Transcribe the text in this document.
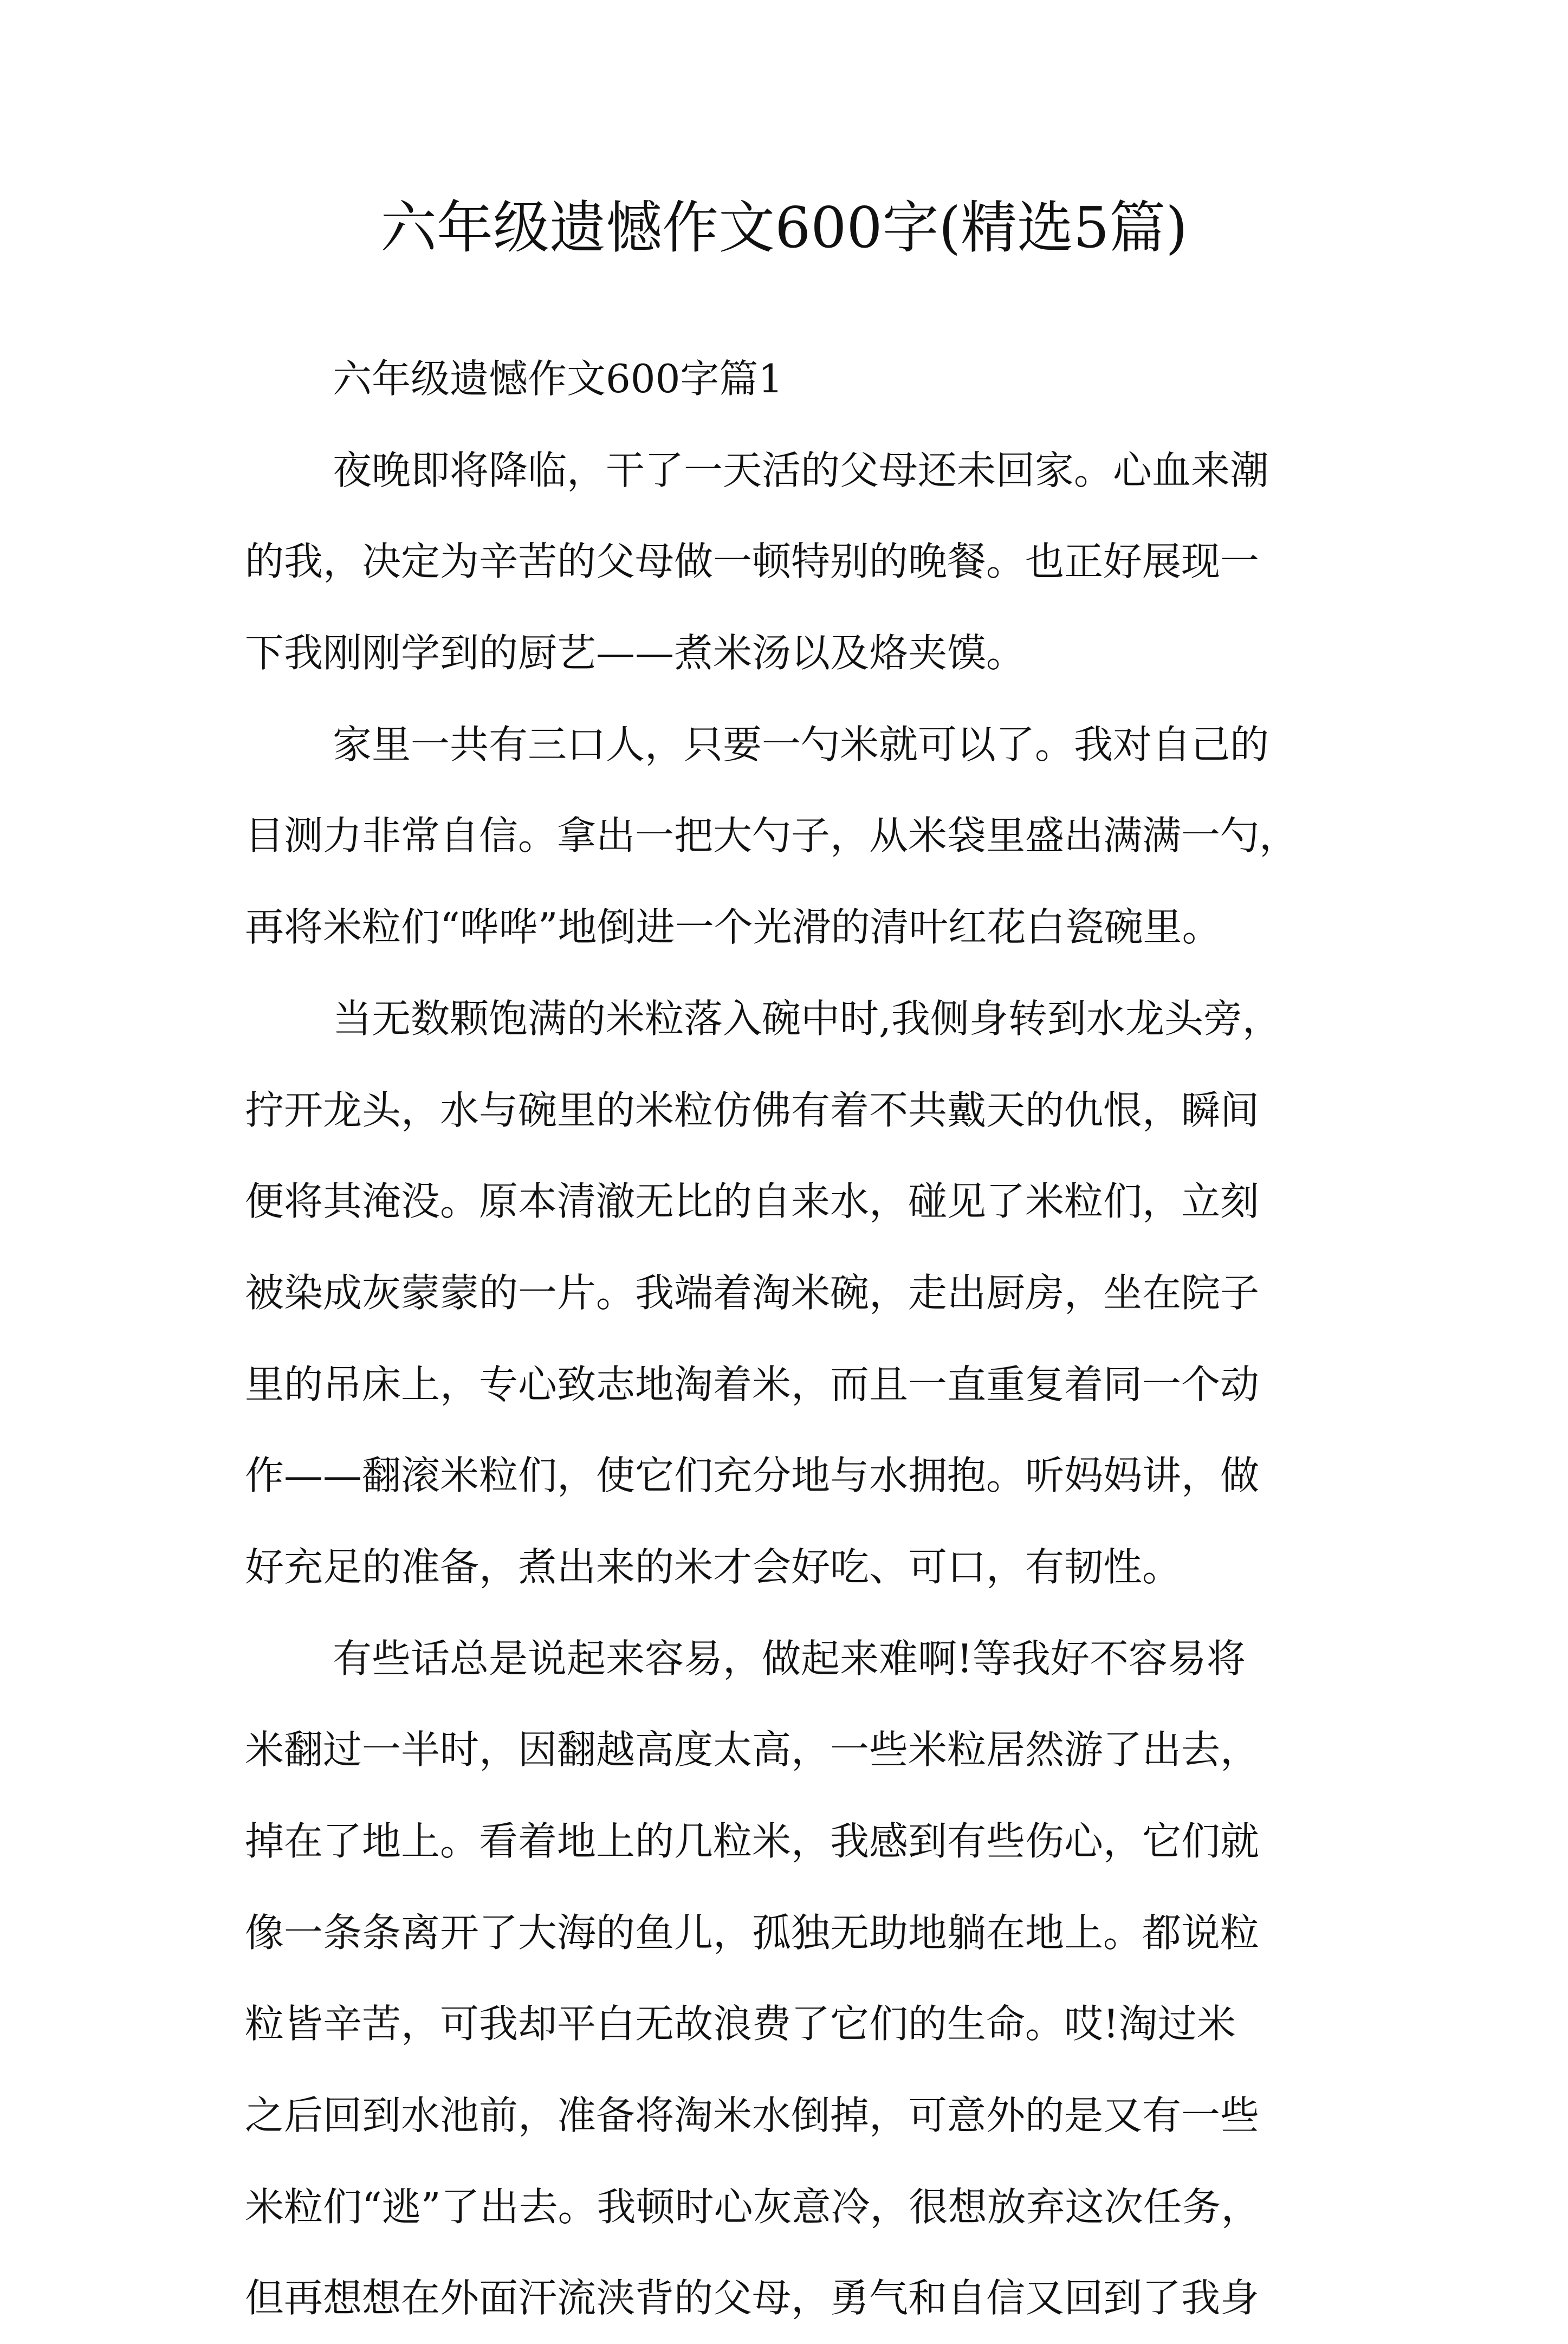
六年级遗憾作文600字(精选5篇)
六年级遗憾作文600字篇1
夜晚即将降临，干了一天活的父母还未回家。心血来潮
的我，决定为辛苦的父母做一顿特别的晚餐。也正好展现一
下我刚刚学到的厨艺——煮米汤以及烙夹馍。
家里一共有三口人，只要一勺米就可以了。我对自己的
目测力非常自信。拿出一把大勺子，从米袋里盛出满满一勺，
再将米粒们“哗哗”地倒进一个光滑的清叶红花白瓷碗里。
当无数颗饱满的米粒落入碗中时,我侧身转到水龙头旁，
拧开龙头，水与碗里的米粒仿佛有着不共戴天的仇恨，瞬间
便将其淹没。原本清澈无比的自来水，碰见了米粒们，立刻
被染成灰蒙蒙的一片。我端着淘米碗，走出厨房，坐在院子
里的吊床上，专心致志地淘着米，而且一直重复着同一个动
作——翻滚米粒们，使它们充分地与水拥抱。听妈妈讲，做
好充足的准备，煮出来的米才会好吃、可口，有韧性。
有些话总是说起来容易，做起来难啊!等我好不容易将
米翻过一半时，因翻越高度太高，一些米粒居然游了出去，
掉在了地上。看着地上的几粒米，我感到有些伤心，它们就
像一条条离开了大海的鱼儿，孤独无助地躺在地上。都说粒
粒皆辛苦，可我却平白无故浪费了它们的生命。哎!淘过米
之后回到水池前，准备将淘米水倒掉，可意外的是又有一些
米粒们“逃”了出去。我顿时心灰意冷，很想放弃这次任务，
但再想想在外面汗流浃背的父母，勇气和自信又回到了我身
